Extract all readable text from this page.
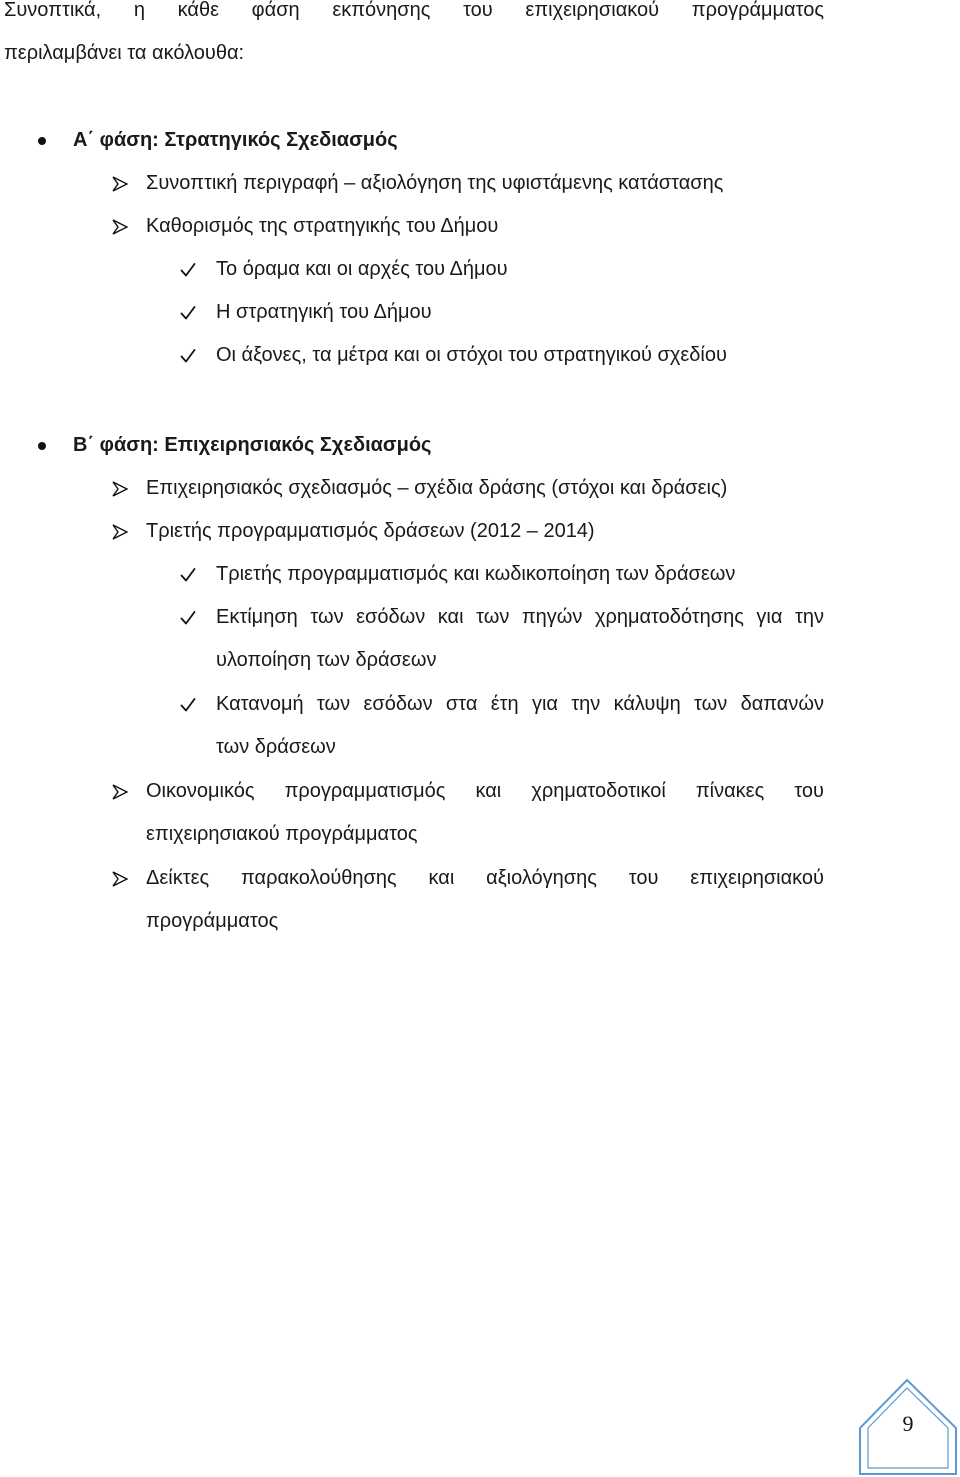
Συνοπτικά, η κάθε φάση εκπόνησης του επιχειρησιακού προγράμματος
περιλαμβάνει τα ακόλουθα:
Α΄ φάση: Στρατηγικός Σχεδιασμός
Συνοπτική περιγραφή – αξιολόγηση της υφιστάμενης κατάστασης
Καθορισμός της στρατηγικής του Δήμου
Το όραμα και οι αρχές του Δήμου
Η στρατηγική του Δήμου
Οι άξονες, τα μέτρα και οι στόχοι του στρατηγικού σχεδίου
Β΄ φάση: Επιχειρησιακός Σχεδιασμός
Επιχειρησιακός σχεδιασμός – σχέδια δράσης (στόχοι και δράσεις)
Τριετής προγραμματισμός δράσεων (2012 – 2014)
Τριετής προγραμματισμός και κωδικοποίηση των δράσεων
Εκτίμηση των εσόδων και των πηγών χρηματοδότησης για την
υλοποίηση των δράσεων
Κατανομή των εσόδων στα έτη για την κάλυψη των δαπανών
των δράσεων
Οικονομικός προγραμματισμός και χρηματοδοτικοί πίνακες του
επιχειρησιακού προγράμματος
Δείκτες παρακολούθησης και αξιολόγησης του επιχειρησιακού
προγράμματος
9
